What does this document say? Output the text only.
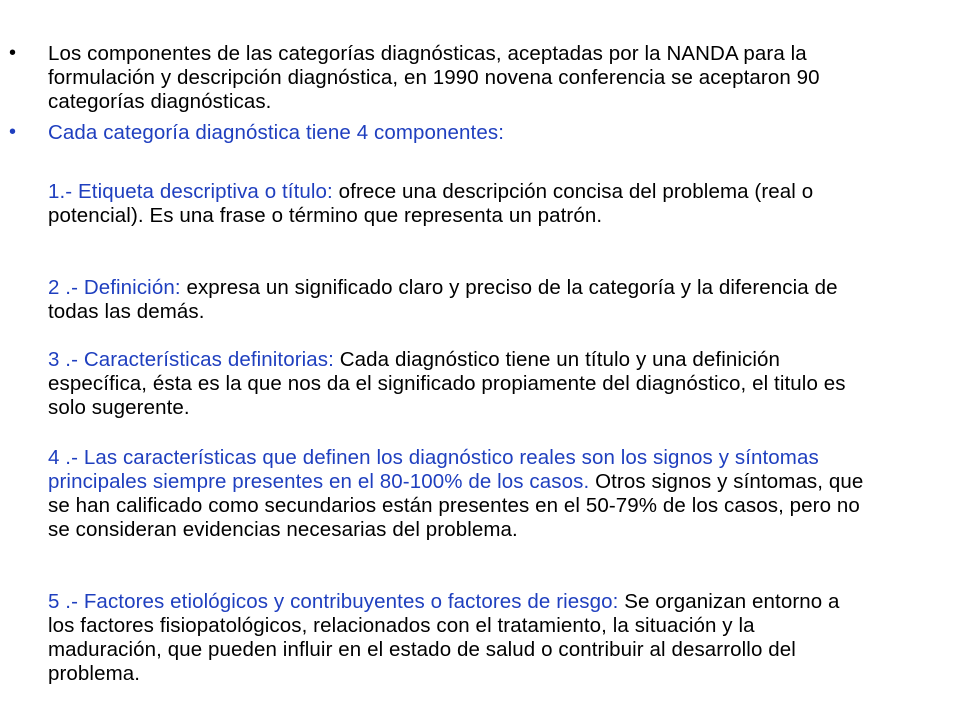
• Los componentes de las categorías diagnósticas, aceptadas por la NANDA para la formulación y descripción diagnóstica, en 1990 novena conferencia se aceptaron 90 categorías diagnósticas.
• Cada categoría diagnóstica tiene 4 componentes:
1.- Etiqueta descriptiva o título: ofrece una descripción concisa del problema (real o potencial). Es una frase o término que representa un patrón.
2 .- Definición: expresa un significado claro y preciso de la categoría y la diferencia de todas las demás.
3 .- Características definitorias: Cada diagnóstico tiene un título y una definición específica, ésta es la que nos da el significado propiamente del diagnóstico, el titulo es solo sugerente.
4 .- Las características que definen los diagnóstico reales son los signos y síntomas principales siempre presentes en el 80-100% de los casos. Otros signos y síntomas, que se han calificado como secundarios están presentes en el 50-79% de los casos, pero no se consideran evidencias necesarias del problema.
5 .- Factores etiológicos y contribuyentes o factores de riesgo: Se organizan entorno a los factores fisiopatológicos, relacionados con el tratamiento, la situación y la maduración, que pueden influir en el estado de salud o contribuir al desarrollo del problema.
